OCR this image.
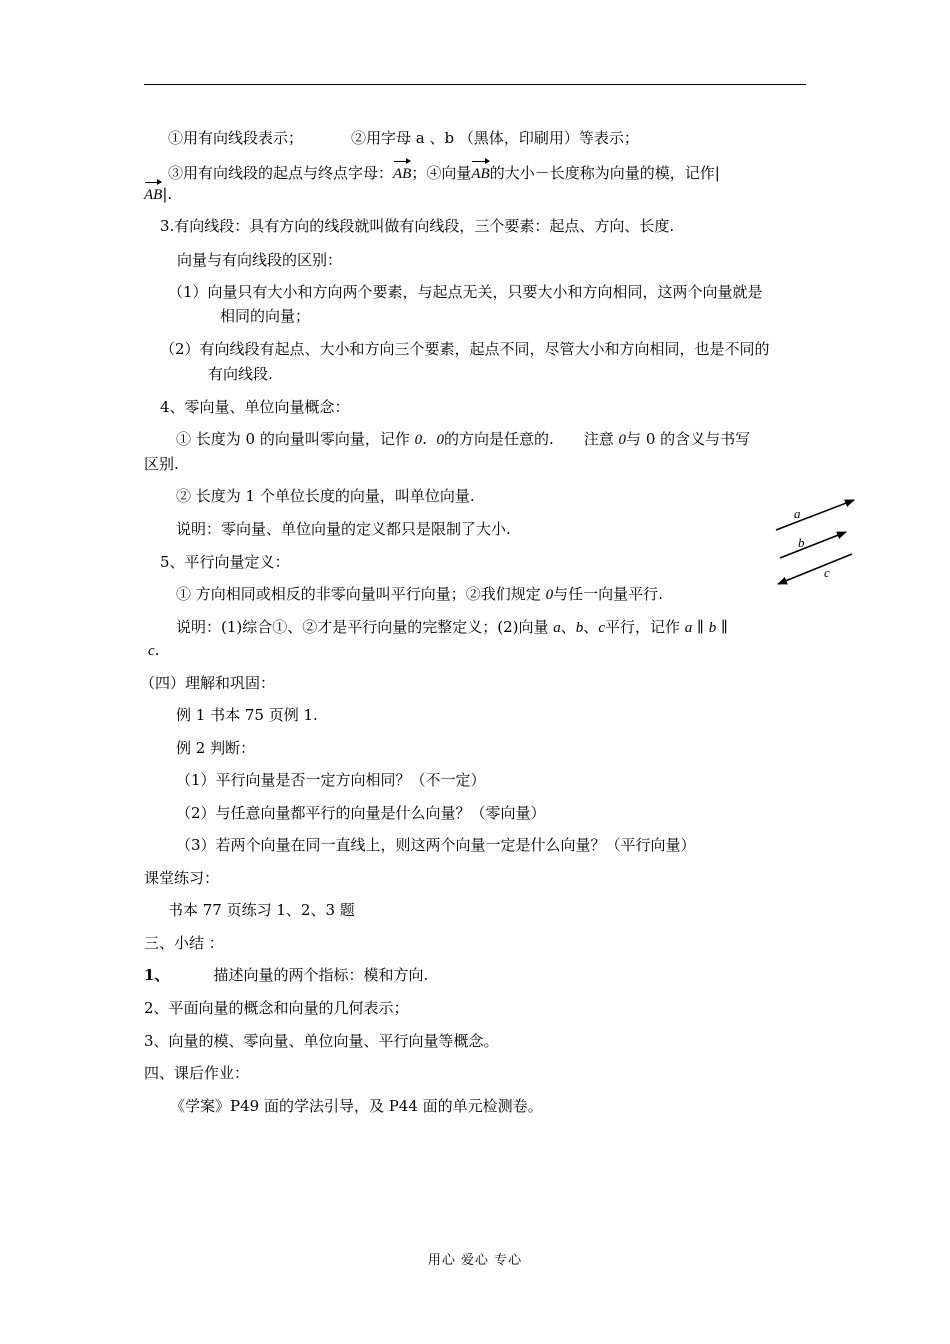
①用有向线段表示；	②用字母 a 、b （黑体，印刷用）等表示；
③用有向线段的起点与终点字母：AB；④向量AB的大小－长度称为向量的模，记作|
AB|.
3.有向线段：具有方向的线段就叫做有向线段，三个要素：起点、方向、长度.
向量与有向线段的区别：
（1）向量只有大小和方向两个要素，与起点无关，只要大小和方向相同，这两个向量就是
相同的向量；
（2）有向线段有起点、大小和方向三个要素，起点不同，尽管大小和方向相同，也是不同的
有向线段.
4、零向量、单位向量概念：
① 长度为 0 的向量叫零向量，记作 0. 0的方向是任意的. 注意 0与 0 的含义与书写
区别.
② 长度为 1 个单位长度的向量，叫单位向量.
说明：零向量、单位向量的定义都只是限制了大小.
5、平行向量定义：
① 方向相同或相反的非零向量叫平行向量；②我们规定 0与任一向量平行.
说明：(1)综合①、②才是平行向量的完整定义；(2)向量 a、b、c平行，记作 a ∥ b ∥
c.
（四）理解和巩固：
例 1 书本 75 页例 1.
例 2 判断：
（1）平行向量是否一定方向相同？（不一定）
（2）与任意向量都平行的向量是什么向量？（零向量）
（3）若两个向量在同一直线上，则这两个向量一定是什么向量？（平行向量）
课堂练习：
书本 77 页练习 1、2、3 题
三、小结 ：
1、	描述向量的两个指标：模和方向.
2、平面向量的概念和向量的几何表示；
3、向量的模、零向量、单位向量、平行向量等概念。
四、课后作业：
《学案》P49 面的学法引导，及 P44 面的单元检测卷。
a
b
c
用心 爱心 专心
